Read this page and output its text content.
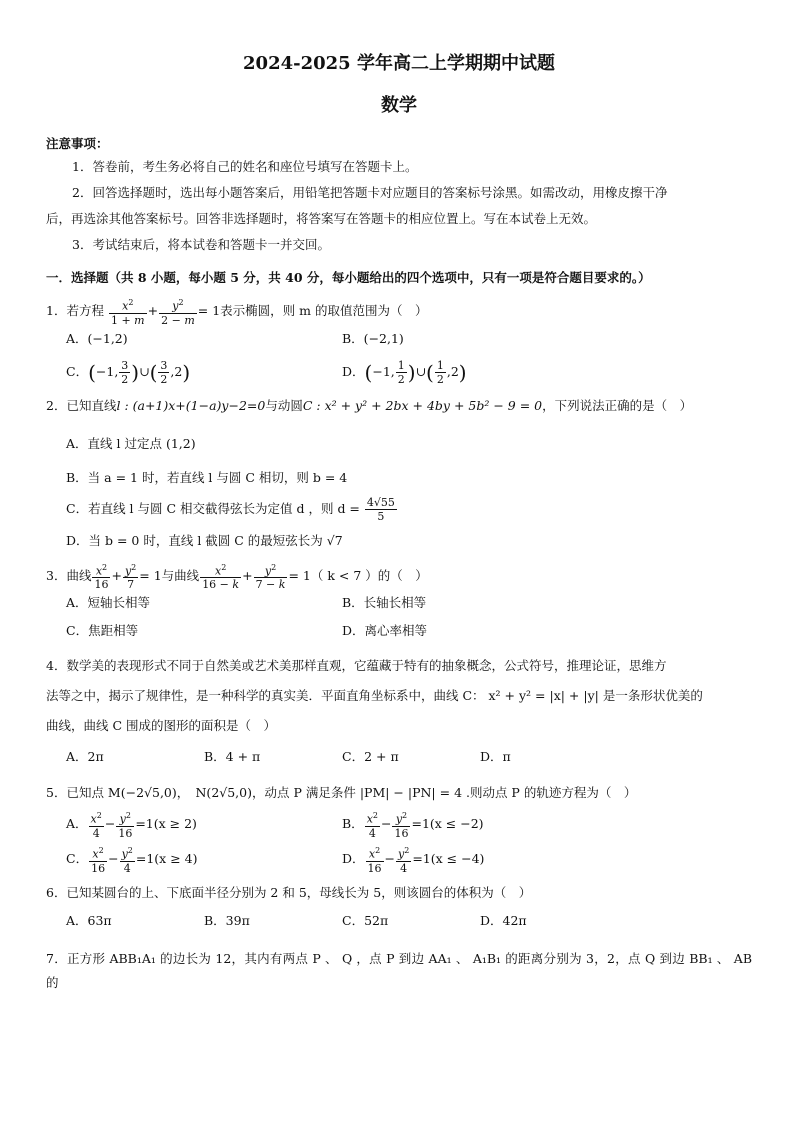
2024-2025 学年高二上学期期中试题
数学
注意事项：
1．答卷前，考生务必将自己的姓名和座位号填写在答题卡上。
2．回答选择题时，选出每小题答案后，用铅笔把答题卡对应题目的答案标号涂黑。如需改动，用橡皮擦干净
后，再选涂其他答案标号。回答非选择题时，将答案写在答题卡的相应位置上。写在本试卷上无效。
3．考试结束后，将本试卷和答题卡一并交回。
一．选择题（共 8 小题，每小题 5 分，共 40 分，每小题给出的四个选项中，只有一项是符合题目要求的。）
1．若方程 $\frac{x^2}{1 + m} + \frac{y^2}{2 - m} = 1$表示椭圆，则 m 的取值范围为（　）
A．(−1,2)	B．(−2,1)
C．(−1, $\frac{3}{2}$ )∪( $\frac{3}{2} ,2$)	D．(−1, $\frac{1}{2}$ )∪( $\frac{1}{2} ,2$)
2．已知直线l : (a+1)x+(1−a)y−2=0与动圆C : x² + y² + 2bx + 4by + 5b² − 9 = 0，下列说法正确的是（　）
A．直线 l 过定点 (1,2)
B．当 a = 1 时，若直线 l 与圆 C 相切，则 b = 4
C．若直线 l 与圆 C 相交截得弦长为定值 d ，则 $d = \frac{4√55}{5}$
D．当 b = 0 时，直线 l 截圆 C 的最短弦长为 √7
3．曲线 $\frac{x^2}{16} + \frac{y^2}{7} = 1$与曲线 $\frac{x^2}{16 - k} + \frac{y^2}{7 - k} = 1$（ k < 7 ）的（　）
A．短轴长相等	B．长轴长相等
C．焦距相等	D．离心率相等
4．数学美的表现形式不同于自然美或艺术美那样直观，它蕴藏于特有的抽象概念，公式符号，推理论证，思维方
法等之中，揭示了规律性，是一种科学的真实美．平面直角坐标系中，曲线 C： x² + y² = |x| + |y| 是一条形状优美的
曲线，曲线 C 围成的图形的面积是（　）
A．2π	B．4 + π	C．2 + π	D．π
5．已知点 M(−2√5,0)，　N(2√5,0)，动点 P 满足条件 |PM| − |PN| = 4 .则动点 P 的轨迹方程为（　）
A． $\frac{x^2}{4} - \frac{y^2}{16} =1(x \ge 2)$	B． $\frac{x^2}{4} - \frac{y^2}{16} =1(x \le -2)$
C． $\frac{x^2}{16} - \frac{y^2}{4} =1(x \ge 4)$	D． $\frac{x^2}{16} - \frac{y^2}{4} =1(x \le -4)$
6．已知某圆台的上、下底面半径分别为 2 和 5，母线长为 5，则该圆台的体积为（　）
A．63π	B．39π	C．52π	D．42π
7．正方形 ABB₁A₁ 的边长为 12，其内有两点 P 、 Q ，点 P 到边 AA₁ 、 A₁B₁ 的距离分别为 3，2，点 Q 到边 BB₁ 、 AB 的
